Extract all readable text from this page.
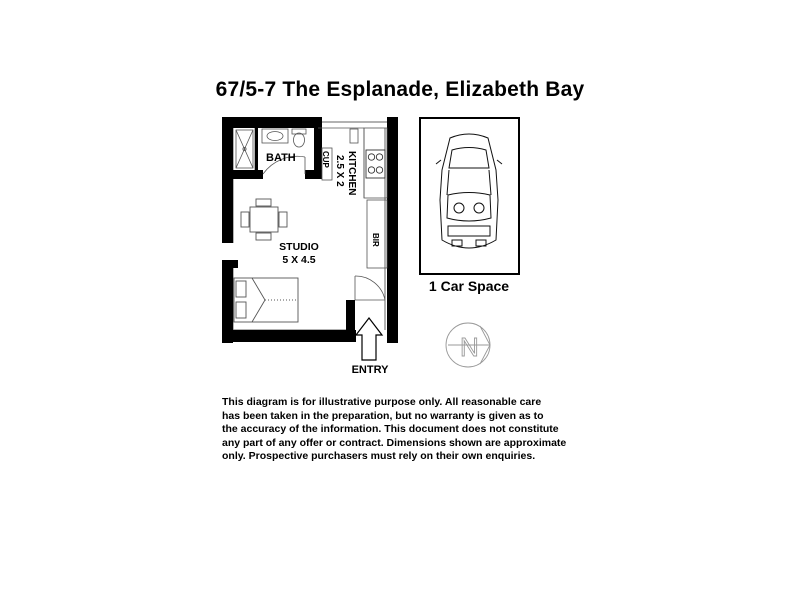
67/5-7 The Esplanade, Elizabeth Bay
N
BATH	CUP KITCHEN
2.5 X 2
STUDIO
5 X 4.5
BIR
ENTRY
1 Car Space
This diagram is for illustrative purpose only. All reasonable care
has been taken in the preparation, but no warranty is given as to
the accuracy of the information. This document does not constitute
any part of any offer or contract. Dimensions shown are approximate
only. Prospective purchasers must rely on their own enquiries.
